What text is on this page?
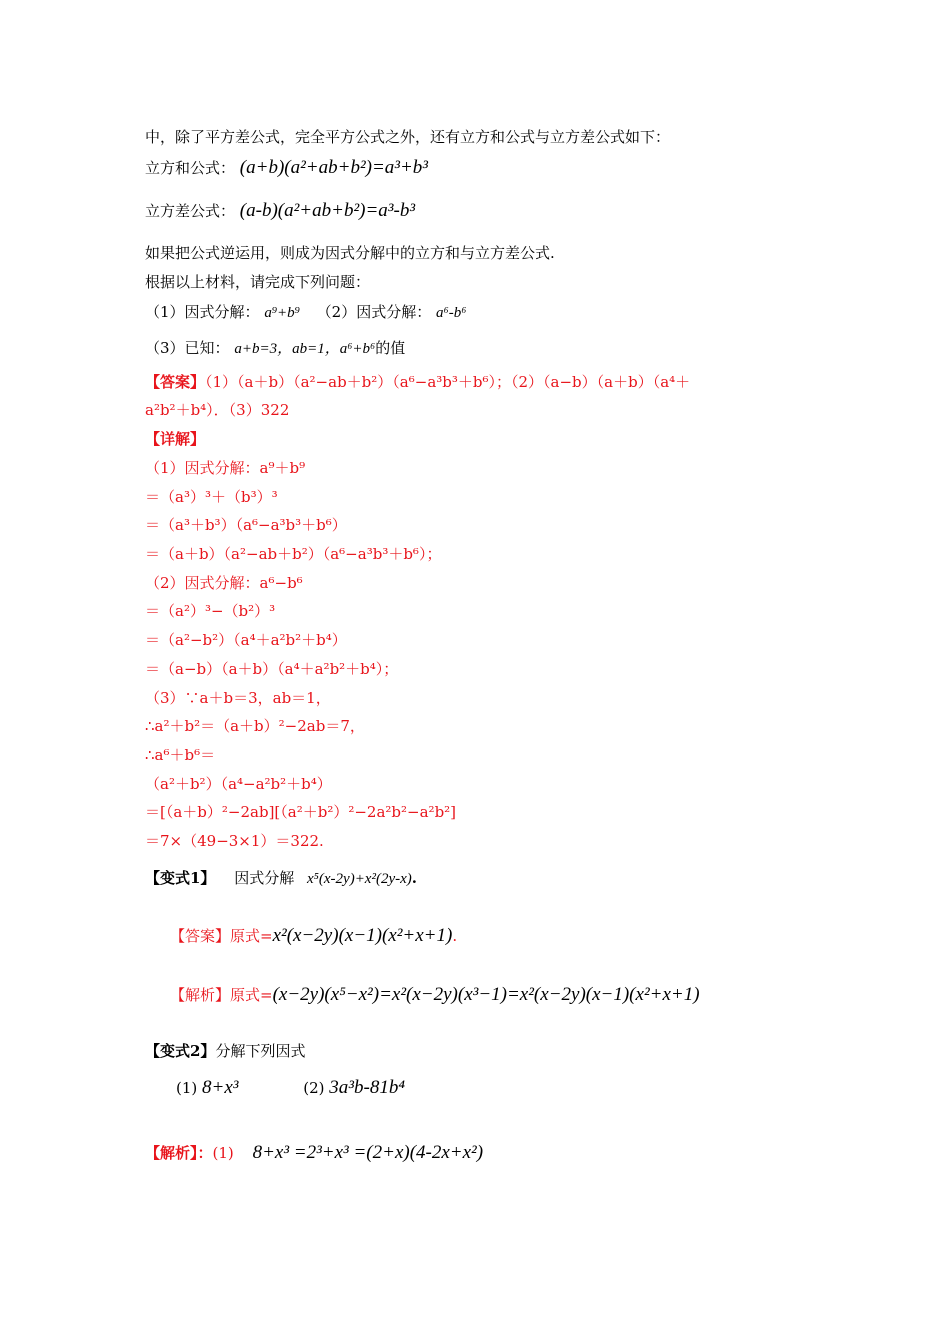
中，除了平方差公式，完全平方公式之外，还有立方和公式与立方差公式如下：
立方和公式： (a+b)(a²+ab+b²)=a³+b³
立方差公式： (a-b)(a²+ab+b²)=a³-b³
如果把公式逆运用，则成为因式分解中的立方和与立方差公式.
根据以上材料，请完成下列问题：
（1）因式分解： a⁹+b⁹ （2）因式分解： a⁶-b⁶
（3）已知： a+b=3，ab=1，a⁶+b⁶的值
【答案】（1）（a＋b）（a²−ab＋b²）（a⁶−a³b³＋b⁶）；（2）（a−b）（a＋b）（a⁴＋
a²b²＋b⁴）．（3）322
【详解】
（1）因式分解：a⁹＋b⁹
＝（a³）³＋（b³）³
＝（a³＋b³）（a⁶−a³b³＋b⁶）
＝（a＋b）（a²−ab＋b²）（a⁶−a³b³＋b⁶）；
（2）因式分解：a⁶−b⁶
＝（a²）³−（b²）³
＝（a²−b²）（a⁴＋a²b²＋b⁴）
＝（a−b）（a＋b）（a⁴＋a²b²＋b⁴）；
（3）∵a＋b＝3，ab＝1，
∴a²＋b²＝（a＋b）²−2ab＝7，
∴a⁶＋b⁶＝
（a²＋b²）（a⁴−a²b²＋b⁴）
＝[（a＋b）²−2ab][（a²＋b²）²−2a²b²−a²b²]
＝7×（49−3×1）＝322.
【变式1】 因式分解 x⁵(x-2y)+x²(2y-x).
【答案】原式=x²(x−2y)(x−1)(x²+x+1).
【解析】原式=(x−2y)(x⁵−x²)=x²(x−2y)(x³−1)=x²(x−2y)(x−1)(x²+x+1)
【变式2】分解下列因式
(1) 8+x³	(2) 3a³b-81b⁴
【解析】：(1) 8+x³ =2³+x³ =(2+x)(4-2x+x²)
